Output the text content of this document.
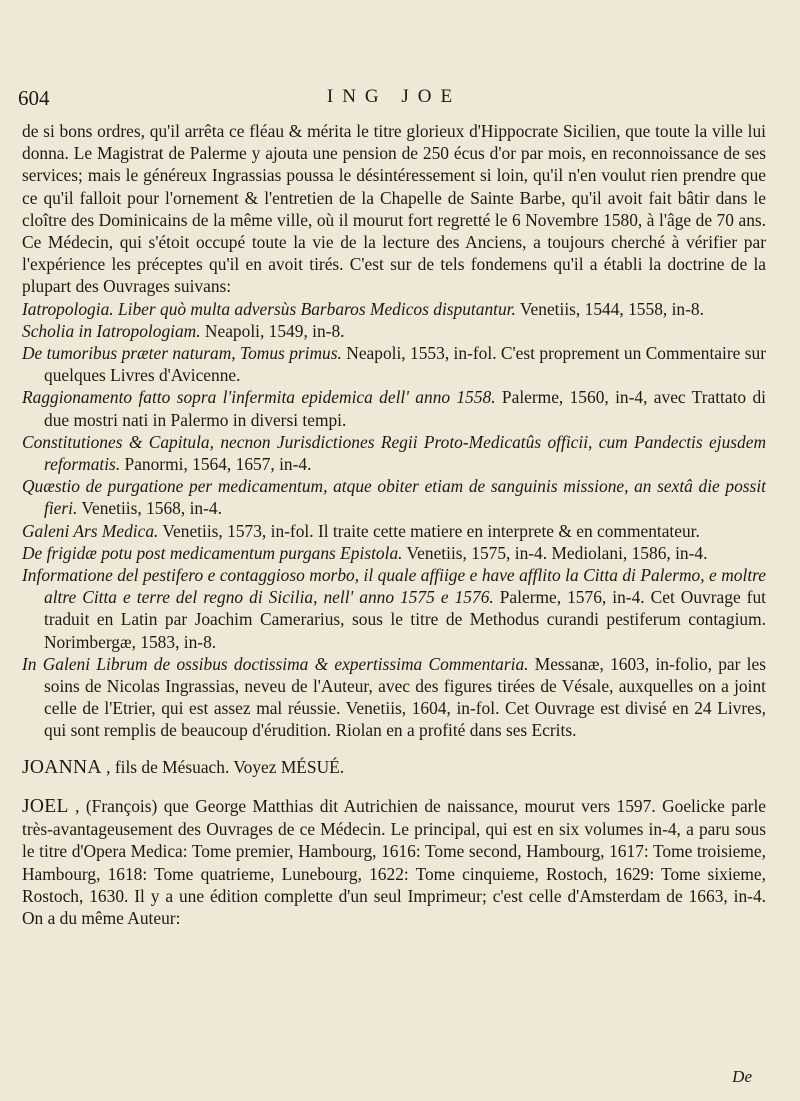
604	ING JOE

de si bons ordres, qu'il arrêta ce fléau & mérita le titre glorieux d'Hippocrate Sicilien, que toute la ville lui donna. Le Magistrat de Palerme y ajouta une pension de 250 écus d'or par mois, en reconnoissance de ses services; mais le généreux Ingrassias poussa le désintéressement si loin, qu'il n'en voulut rien prendre que ce qu'il falloit pour l'ornement & l'entretien de la Chapelle de Sainte Barbe, qu'il avoit fait bâtir dans le cloître des Dominicains de la même ville, où il mourut fort regretté le 6 Novembre 1580, à l'âge de 70 ans. Ce Médecin, qui s'étoit occupé toute la vie de la lecture des Anciens, a toujours cherché à vérifier par l'expérience les préceptes qu'il en avoit tirés. C'est sur de tels fondemens qu'il a établi la doctrine de la plupart des Ouvrages suivans:

Iatropologia. Liber quò multa adversùs Barbaros Medicos disputantur. Venetiis, 1544, 1558, in-8.

Scholia in Iatropologiam. Neapoli, 1549, in-8.

De tumoribus præter naturam, Tomus primus. Neapoli, 1553, in-fol. C'est proprement un Commentaire sur quelques Livres d'Avicenne.

Raggionamento fatto sopra l'infermita epidemica dell' anno 1558. Palerme, 1560, in-4, avec Trattato di due mostri nati in Palermo in diversi tempi.

Constitutiones & Capitula, necnon Jurisdictiones Regii Proto-Medicatûs officii, cum Pandectis ejusdem reformatis. Panormi, 1564, 1657, in-4.

Quæstio de purgatione per medicamentum, atque obiter etiam de sanguinis missione, an sextâ die possit fieri. Venetiis, 1568, in-4.

Galeni Ars Medica. Venetiis, 1573, in-fol. Il traite cette matiere en interprete & en commentateur.

De frigidæ potu post medicamentum purgans Epistola. Venetiis, 1575, in-4. Mediolani, 1586, in-4.

Informatione del pestifero e contaggioso morbo, il quale affiige e have afflito la Citta di Palermo, e moltre altre Citta e terre del regno di Sicilia, nell' anno 1575 e 1576. Palerme, 1576, in-4. Cet Ouvrage fut traduit en Latin par Joachim Camerarius, sous le titre de Methodus curandi pestiferum contagium. Norimbergæ, 1583, in-8.

In Galeni Librum de ossibus doctissima & expertissima Commentaria. Messanæ, 1603, in-folio, par les soins de Nicolas Ingrassias, neveu de l'Auteur, avec des figures tirées de Vésale, auxquelles on a joint celle de l'Etrier, qui est assez mal réussie. Venetiis, 1604, in-fol. Cet Ouvrage est divisé en 24 Livres, qui sont remplis de beaucoup d'érudition. Riolan en a profité dans ses Ecrits.

JOANNA , fils de Mésuach. Voyez MÉSUÉ.

JOEL , (François) que George Matthias dit Autrichien de naissance, mourut vers 1597. Goelicke parle très-avantageusement des Ouvrages de ce Médecin. Le principal, qui est en six volumes in-4, a paru sous le titre d'Opera Medica: Tome premier, Hambourg, 1616: Tome second, Hambourg, 1617: Tome troisieme, Hambourg, 1618: Tome quatrieme, Lunebourg, 1622: Tome cinquieme, Rostoch, 1629: Tome sixieme, Rostoch, 1630. Il y a une édition complette d'un seul Imprimeur; c'est celle d'Amsterdam de 1663, in-4. On a du même Auteur:

De
